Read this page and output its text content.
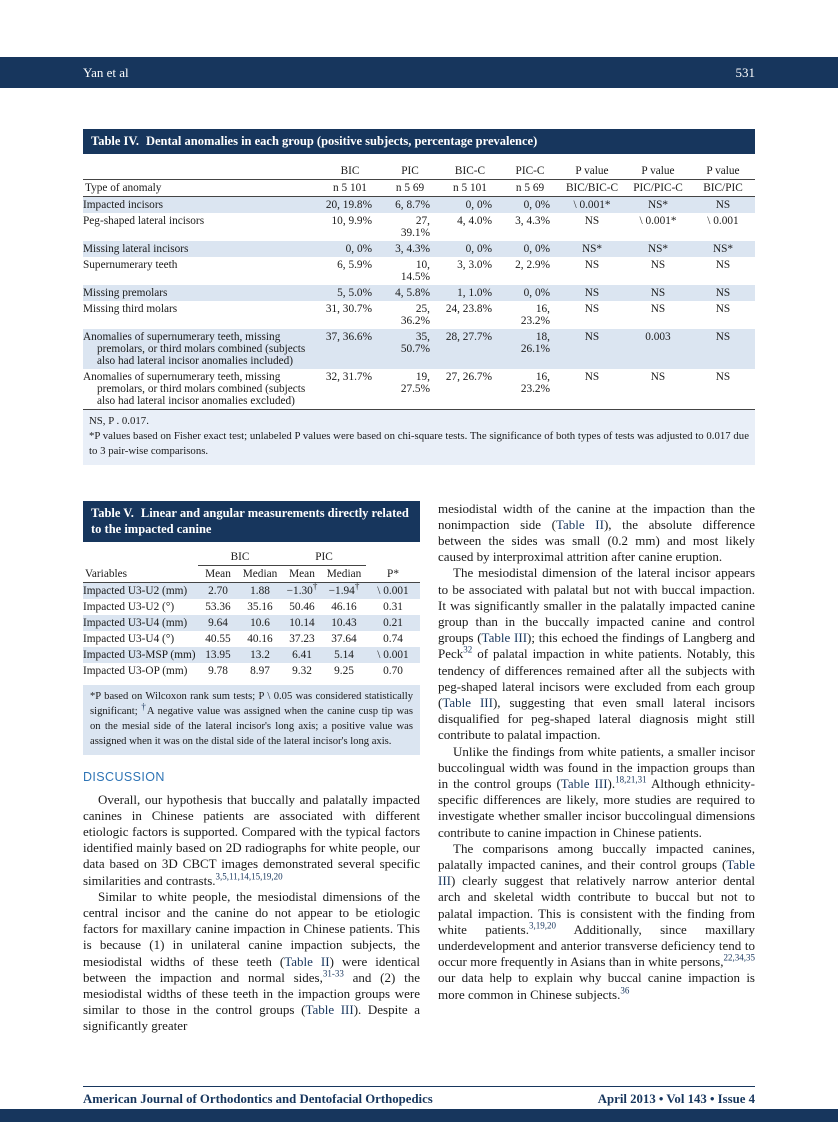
Yan et al	531
Table IV. Dental anomalies in each group (positive subjects, percentage prevalence)
	BIC	PIC	BIC-C	PIC-C	P value	P value	P value
Type of anomaly	n 5 101	n 5 69	n 5 101	n 5 69	BIC/BIC-C	PIC/PIC-C	BIC/PIC
Impacted incisors	20, 19.8%	6, 8.7%	0, 0%	0, 0%	\ 0.001*	NS*	NS
Peg-shaped lateral incisors	10, 9.9%	27, 39.1%	4, 4.0%	3, 4.3%	NS	\ 0.001*	\ 0.001
Missing lateral incisors	0, 0%	3, 4.3%	0, 0%	0, 0%	NS*	NS*	NS*
Supernumerary teeth	6, 5.9%	10, 14.5%	3, 3.0%	2, 2.9%	NS	NS	NS
Missing premolars	5, 5.0%	4, 5.8%	1, 1.0%	0, 0%	NS	NS	NS
Missing third molars	31, 30.7%	25, 36.2%	24, 23.8%	16, 23.2%	NS	NS	NS
Anomalies of supernumerary teeth, missing premolars, or third molars combined (subjects also had lateral incisor anomalies included)	37, 36.6%	35, 50.7%	28, 27.7%	18, 26.1%	NS	0.003	NS
Anomalies of supernumerary teeth, missing premolars, or third molars combined (subjects also had lateral incisor anomalies excluded)	32, 31.7%	19, 27.5%	27, 26.7%	16, 23.2%	NS	NS	NS

NS, P . 0.017.

*P values based on Fisher exact test; unlabeled P values were based on chi-square tests. The significance of both types of tests was adjusted to 0.017 due to 3 pair-wise comparisons.

Table V. Linear and angular measurements directly related to the impacted canine
	BIC		PIC		
Variables	Mean	Median	Mean	Median	P*
Impacted U3-U2 (mm)	2.70	1.88	−1.30†	−1.94†	\ 0.001
Impacted U3-U2 (°)	53.36	35.16	50.46	46.16	0.31
Impacted U3-U4 (mm)	9.64	10.6	10.14	10.43	0.21
Impacted U3-U4 (°)	40.55	40.16	37.23	37.64	0.74
Impacted U3-MSP (mm)	13.95	13.2	6.41	5.14	\ 0.001
Impacted U3-OP (mm)	9.78	8.97	9.32	9.25	0.70
*P based on Wilcoxon rank sum tests; P \ 0.05 was considered statistically significant; †A negative value was assigned when the canine cusp tip was on the mesial side of the lateral incisor's long axis; a positive value was assigned when it was on the distal side of the lateral incisor's long axis.
DISCUSSION

Overall, our hypothesis that buccally and palatally impacted canines in Chinese patients are associated with different etiologic factors is supported. Compared with the typical factors identified mainly based on 2D radiographs for white people, our data based on 3D CBCT images demonstrated several specific similarities and contrasts.$^{3,5,11,14,15,19,20}$

Similar to white people, the mesiodistal dimensions of the central incisor and the canine do not appear to be etiologic factors for maxillary canine impaction in Chinese patients. This is because (1) in unilateral canine impaction subjects, the mesiodistal widths of these teeth (Table II) were identical between the impaction and normal sides,$^{31-33}$ and (2) the mesiodistal widths of these teeth in the impaction groups were similar to those in the control groups (Table III). Despite a significantly greater

mesiodistal width of the canine at the impaction than the nonimpaction side (Table II), the absolute difference between the sides was small (0.2 mm) and most likely caused by interproximal attrition after canine eruption.

The mesiodistal dimension of the lateral incisor appears to be associated with palatal but not with buccal impaction. It was significantly smaller in the palatally impacted canine group than in the buccally impacted canine and control groups (Table III); this echoed the findings of Langberg and Peck$^{32}$ of palatal impaction in white patients. Notably, this tendency of differences remained after all the subjects with peg-shaped lateral incisors were excluded from each group (Table III), suggesting that even small lateral incisors disqualified for peg-shaped lateral diagnosis might still contribute to palatal impaction.

Unlike the findings from white patients, a smaller incisor buccolingual width was found in the impaction groups than in the control groups (Table III).$^{18,21,31}$ Although ethnicity-specific differences are likely, more studies are required to investigate whether smaller incisor buccolingual dimensions contribute to canine impaction in Chinese patients.

The comparisons among buccally impacted canines, palatally impacted canines, and their control groups (Table III) clearly suggest that relatively narrow anterior dental arch and skeletal width contribute to buccal but not to palatal impaction. This is consistent with the finding from white patients.$^{3,19,20}$ Additionally, since maxillary underdevelopment and anterior transverse deficiency tend to occur more frequently in Asians than in white persons,$^{22,34,35}$ our data help to explain why buccal canine impaction is more common in Chinese subjects.$^{36}$

American Journal of Orthodontics and Dentofacial Orthopedics	April 2013 • Vol 143 • Issue 4
